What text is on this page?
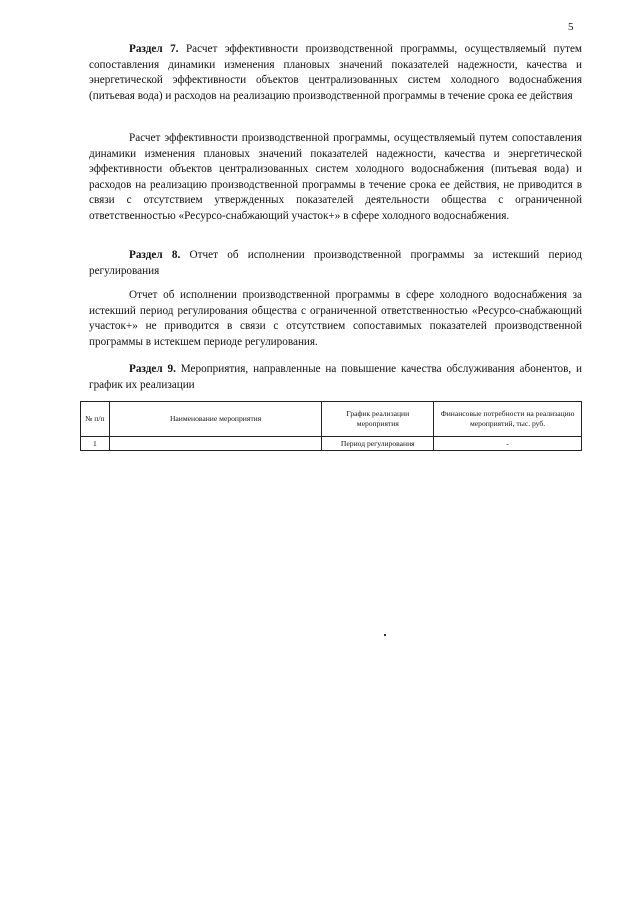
5
Раздел 7. Расчет эффективности производственной программы, осуществляемый путем сопоставления динамики изменения плановых значений показателей надежности, качества и энергетической эффективности объектов централизованных систем холодного водоснабжения (питьевая вода) и расходов на реализацию производственной программы в течение срока ее действия
Расчет эффективности производственной программы, осуществляемый путем сопоставления динамики изменения плановых значений показателей надежности, качества и энергетической эффективности объектов централизованных систем холодного водоснабжения (питьевая вода) и расходов на реализацию производственной программы в течение срока ее действия, не приводится в связи с отсутствием утвержденных показателей деятельности общества с ограниченной ответственностью «Ресурсо-снабжающий участок+» в сфере холодного водоснабжения.
Раздел 8. Отчет об исполнении производственной программы за истекший период регулирования
Отчет об исполнении производственной программы в сфере холодного водоснабжения за истекший период регулирования общества с ограниченной ответственностью «Ресурсо-снабжающий участок+» не приводится в связи с отсутствием сопоставимых показателей производственной программы в истекшем периоде регулирования.
Раздел 9. Мероприятия, направленные на повышение качества обслуживания абонентов, и график их реализации
№ п/п	Наименование мероприятия	График реализации мероприятия	Финансовые потребности на реализацию мероприятий, тыс. руб.
1		Период регулирования	-
